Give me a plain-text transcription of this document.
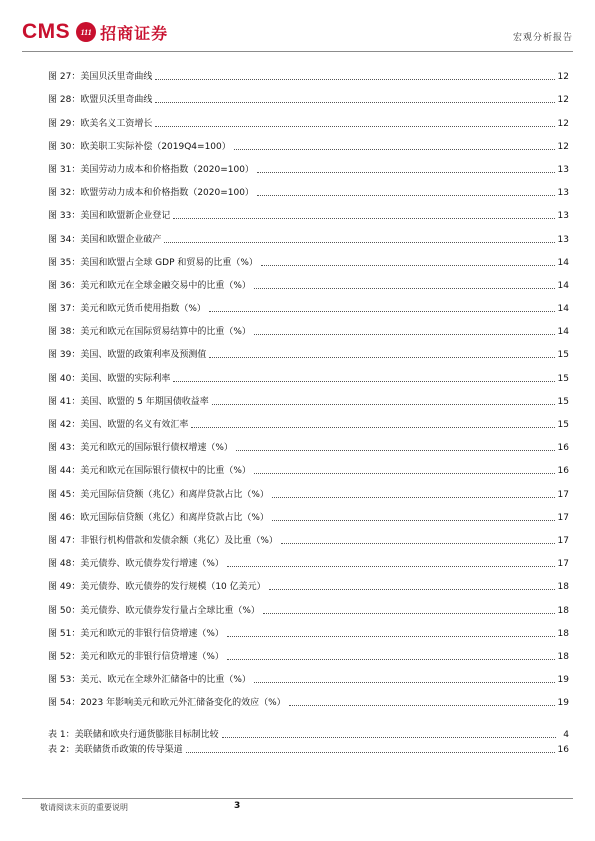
CMS	111 招商证券	宏观分析报告
图 27：美国贝沃里奇曲线	12
图 28：欧盟贝沃里奇曲线	12
图 29：欧美名义工资增长	12
图 30：欧美职工实际补偿（2019Q4=100）	12
图 31：美国劳动力成本和价格指数（2020=100）	13
图 32：欧盟劳动力成本和价格指数（2020=100）	13
图 33：美国和欧盟新企业登记	13
图 34：美国和欧盟企业破产	13
图 35：美国和欧盟占全球 GDP 和贸易的比重（%）	14
图 36：美元和欧元在全球金融交易中的比重（%）	14
图 37：美元和欧元货币使用指数（%）	14
图 38：美元和欧元在国际贸易结算中的比重（%）	14
图 39：美国、欧盟的政策利率及预测值	15
图 40：美国、欧盟的实际利率	15
图 41：美国、欧盟的 5 年期国债收益率	15
图 42：美国、欧盟的名义有效汇率	15
图 43：美元和欧元的国际银行债权增速（%）	16
图 44：美元和欧元在国际银行债权中的比重（%）	16
图 45：美元国际信贷额（兆亿）和离岸贷款占比（%）	17
图 46：欧元国际信贷额（兆亿）和离岸贷款占比（%）	17
图 47：非银行机构借款和发债余额（兆亿）及比重（%）	17
图 48：美元债券、欧元债券发行增速（%）	17
图 49：美元债券、欧元债券的发行规模（10 亿美元）	18
图 50：美元债券、欧元债券发行量占全球比重（%）	18
图 51：美元和欧元的非银行信贷增速（%）	18
图 52：美元和欧元的非银行信贷增速（%）	18
图 53：美元、欧元在全球外汇储备中的比重（%）	19
图 54：2023 年影响美元和欧元外汇储备变化的效应（%）	19
表 1：美联储和欧央行通货膨胀目标制比较	4
表 2：美联储货币政策的传导渠道	16
敬请阅读末页的重要说明	3
